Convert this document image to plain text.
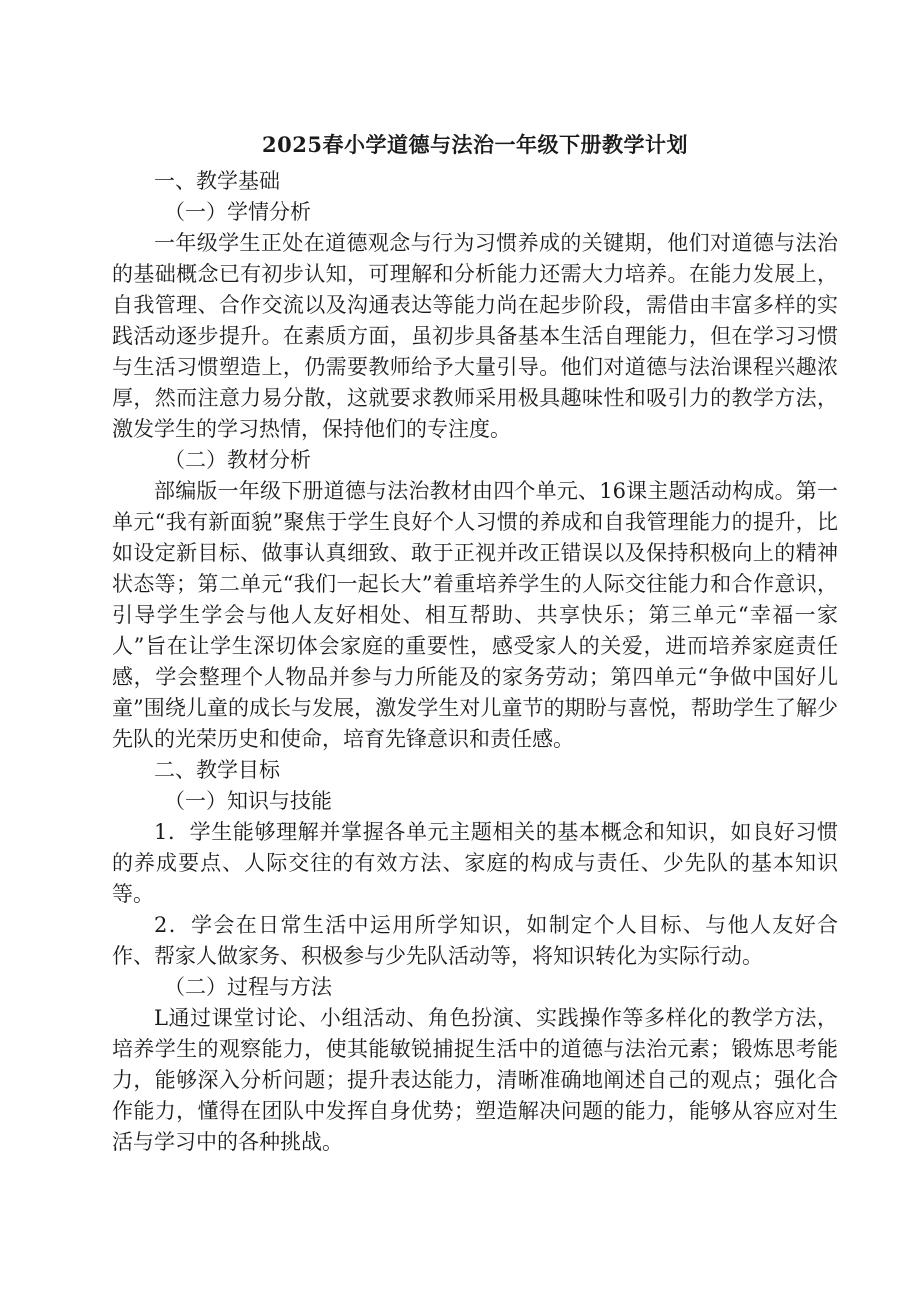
2025春小学道德与法治一年级下册教学计划
一、教学基础
（一）学情分析

一年级学生正处在道德观念与行为习惯养成的关键期，他们对道德与法治的基础概念已有初步认知，可理解和分析能力还需大力培养。在能力发展上，自我管理、合作交流以及沟通表达等能力尚在起步阶段，需借由丰富多样的实践活动逐步提升。在素质方面，虽初步具备基本生活自理能力，但在学习习惯与生活习惯塑造上，仍需要教师给予大量引导。他们对道德与法治课程兴趣浓厚，然而注意力易分散，这就要求教师采用极具趣味性和吸引力的教学方法，激发学生的学习热情，保持他们的专注度。

（二）教材分析

部编版一年级下册道德与法治教材由四个单元、16课主题活动构成。第一单元“我有新面貌”聚焦于学生良好个人习惯的养成和自我管理能力的提升，比如设定新目标、做事认真细致、敢于正视并改正错误以及保持积极向上的精神状态等；第二单元“我们一起长大”着重培养学生的人际交往能力和合作意识，引导学生学会与他人友好相处、相互帮助、共享快乐；第三单元“幸福一家人”旨在让学生深切体会家庭的重要性，感受家人的关爱，进而培养家庭责任感，学会整理个人物品并参与力所能及的家务劳动；第四单元“争做中国好儿童”围绕儿童的成长与发展，激发学生对儿童节的期盼与喜悦，帮助学生了解少先队的光荣历史和使命，培育先锋意识和责任感。

二、教学目标
（一）知识与技能

1．学生能够理解并掌握各单元主题相关的基本概念和知识，如良好习惯的养成要点、人际交往的有效方法、家庭的构成与责任、少先队的基本知识等。

2．学会在日常生活中运用所学知识，如制定个人目标、与他人友好合作、帮家人做家务、积极参与少先队活动等，将知识转化为实际行动。

（二）过程与方法

L通过课堂讨论、小组活动、角色扮演、实践操作等多样化的教学方法，培养学生的观察能力，使其能敏锐捕捉生活中的道德与法治元素；锻炼思考能力，能够深入分析问题；提升表达能力，清晰准确地阐述自己的观点；强化合作能力，懂得在团队中发挥自身优势；塑造解决问题的能力，能够从容应对生活与学习中的各种挑战。
